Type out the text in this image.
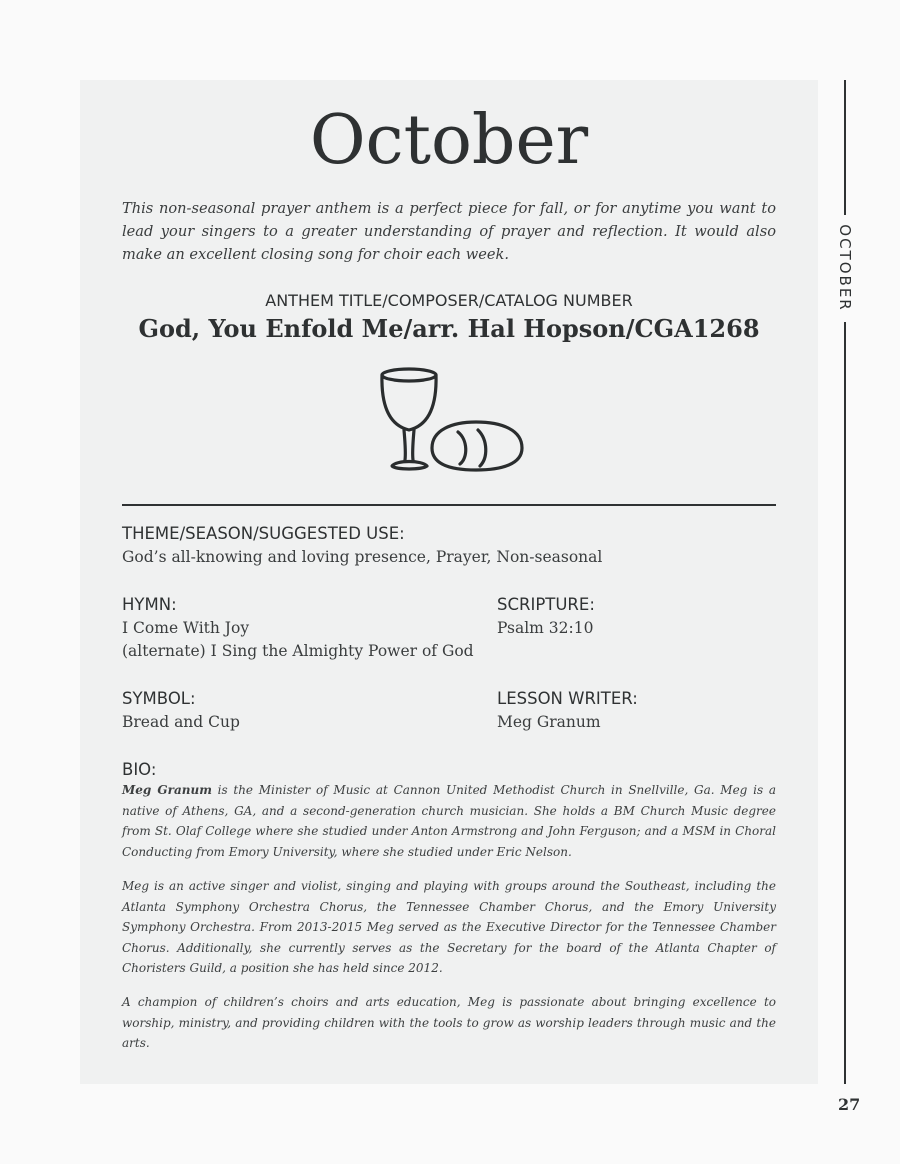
OCTOBER
October
This non-seasonal prayer anthem is a perfect piece for fall, or for anytime you want to lead your singers to a greater understanding of prayer and reflection. It would also make an excellent closing song for choir each week.
ANTHEM TITLE/COMPOSER/CATALOG NUMBER
God, You Enfold Me/arr. Hal Hopson/CGA1268
THEME/SEASON/SUGGESTED USE:
God’s all-knowing and loving presence, Prayer, Non-seasonal
HYMN:
I Come With Joy
(alternate) I Sing the Almighty Power of God
SCRIPTURE:
Psalm 32:10
SYMBOL:
Bread and Cup
LESSON WRITER:
Meg Granum
BIO:
Meg Granum is the Minister of Music at Cannon United Methodist Church in Snellville, Ga. Meg is a native of Athens, GA, and a second-generation church musician. She holds a BM Church Music degree from St. Olaf College where she studied under Anton Armstrong and John Ferguson; and a MSM in Choral Conducting from Emory University, where she studied under Eric Nelson.
Meg is an active singer and violist, singing and playing with groups around the Southeast, including the Atlanta Symphony Orchestra Chorus, the Tennessee Chamber Chorus, and the Emory University Symphony Orchestra. From 2013-2015 Meg served as the Executive Director for the Tennessee Chamber Chorus. Additionally, she currently serves as the Secretary for the board of the Atlanta Chapter of Choristers Guild, a position she has held since 2012.
A champion of children’s choirs and arts education, Meg is passionate about bringing excellence to worship, ministry, and providing children with the tools to grow as worship leaders through music and the arts.
27
